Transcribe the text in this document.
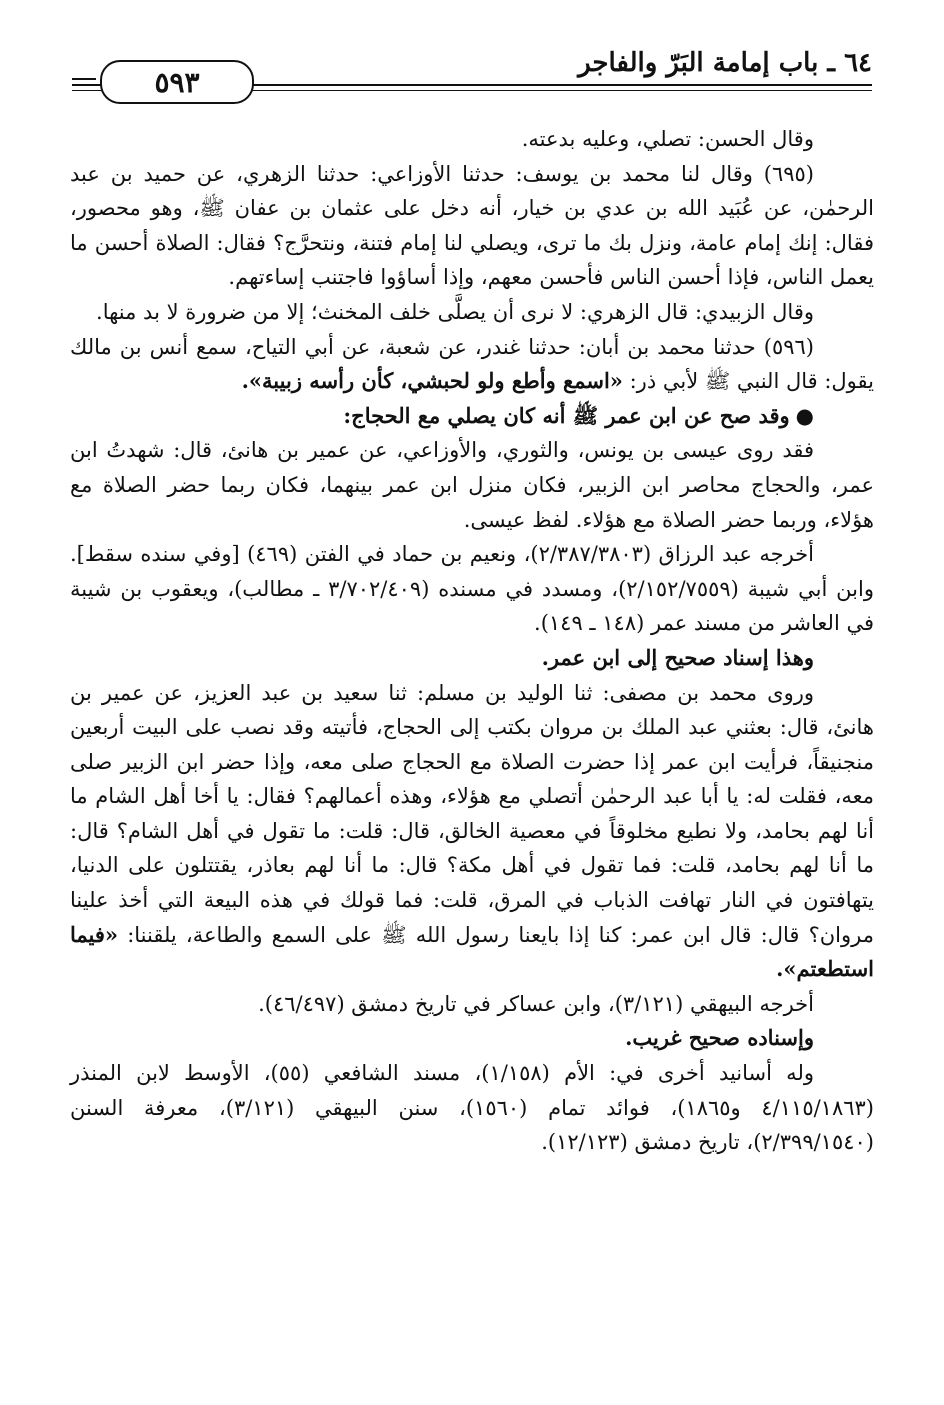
٦٤ ـ باب إمامة البَرّ والفاجر
٥٩٣

وقال الحسن: تصلي، وعليه بدعته.

(٦٩٥) وقال لنا محمد بن يوسف: حدثنا الأوزاعي: حدثنا الزهري، عن حميد بن عبد الرحمٰن، عن عُبَيد الله بن عدي بن خيار، أنه دخل على عثمان بن عفان ﷺ، وهو محصور، فقال: إنك إمام عامة، ونزل بك ما ترى، ويصلي لنا إمام فتنة، ونتحرَّج؟ فقال: الصلاة أحسن ما يعمل الناس، فإذا أحسن الناس فأحسن معهم، وإذا أساؤوا فاجتنب إساءتهم.

وقال الزبيدي: قال الزهري: لا نرى أن يصلَّى خلف المخنث؛ إلا من ضرورة لا بد منها.

(٥٩٦) حدثنا محمد بن أبان: حدثنا غندر، عن شعبة، عن أبي التياح، سمع أنس بن مالك يقول: قال النبي ﷺ لأبي ذر: «اسمع وأطع ولو لحبشي، كأن رأسه زبيبة».

●وقد صح عن ابن عمر ﷺ أنه كان يصلي مع الحجاج:

فقد روى عيسى بن يونس، والثوري، والأوزاعي، عن عمير بن هانئ، قال: شهدتُ ابن عمر، والحجاج محاصر ابن الزبير، فكان منزل ابن عمر بينهما، فكان ربما حضر الصلاة مع هؤلاء، وربما حضر الصلاة مع هؤلاء. لفظ عيسى.

أخرجه عبد الرزاق (٢/٣٨٧/٣٨٠٣)، ونعيم بن حماد في الفتن (٤٦٩) [وفي سنده سقط]. وابن أبي شيبة (٢/١٥٢/٧٥٥٩)، ومسدد في مسنده (٣/٧٠٢/٤٠٩ ـ مطالب)، ويعقوب بن شيبة في العاشر من مسند عمر (١٤٨ ـ ١٤٩).

وهذا إسناد صحيح إلى ابن عمر.

وروى محمد بن مصفى: ثنا الوليد بن مسلم: ثنا سعيد بن عبد العزيز، عن عمير بن هانئ، قال: بعثني عبد الملك بن مروان بكتب إلى الحجاج، فأتيته وقد نصب على البيت أربعين منجنيقاً، فرأيت ابن عمر إذا حضرت الصلاة مع الحجاج صلى معه، وإذا حضر ابن الزبير صلى معه، فقلت له: يا أبا عبد الرحمٰن أتصلي مع هؤلاء، وهذه أعمالهم؟ فقال: يا أخا أهل الشام ما أنا لهم بحامد، ولا نطيع مخلوقاً في معصية الخالق، قال: قلت: ما تقول في أهل الشام؟ قال: ما أنا لهم بحامد، قلت: فما تقول في أهل مكة؟ قال: ما أنا لهم بعاذر، يقتتلون على الدنيا، يتهافتون في النار تهافت الذباب في المرق، قلت: فما قولك في هذه البيعة التي أخذ علينا مروان؟ قال: قال ابن عمر: كنا إذا بايعنا رسول الله ﷺ على السمع والطاعة، يلقننا: «فيما استطعتم».

أخرجه البيهقي (٣/١٢١)، وابن عساكر في تاريخ دمشق (٤٦/٤٩٧).

وإسناده صحيح غريب.

وله أسانيد أخرى في: الأم (١/١٥٨)، مسند الشافعي (٥٥)، الأوسط لابن المنذر (٤/١١٥/١٨٦٣ و١٨٦٥)، فوائد تمام (١٥٦٠)، سنن البيهقي (٣/١٢١)، معرفة السنن (٢/٣٩٩/١٥٤٠)، تاريخ دمشق (١٢/١٢٣).
